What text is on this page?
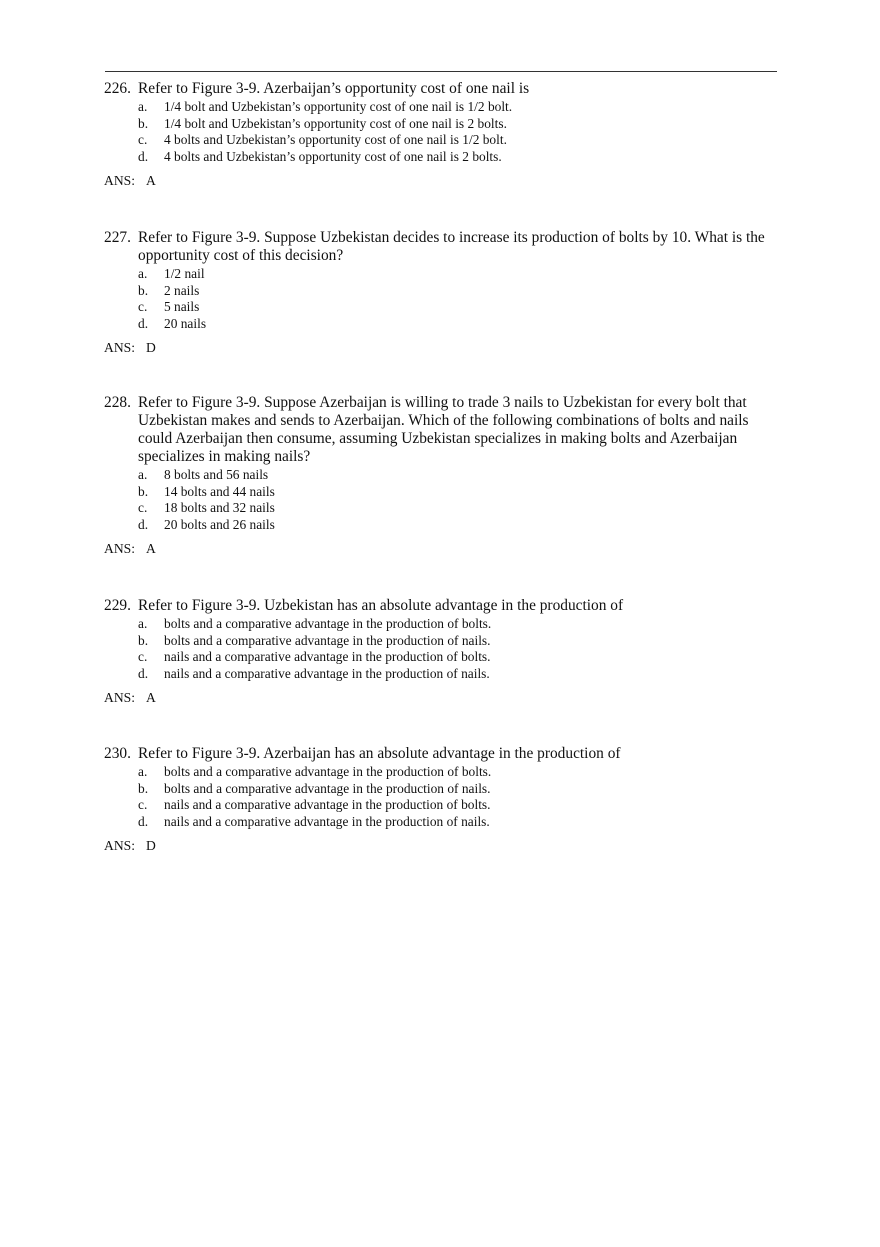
226. Refer to Figure 3-9. Azerbaijan’s opportunity cost of one nail is
a.	1/4 bolt and Uzbekistan’s opportunity cost of one nail is 1/2 bolt.
b.	1/4 bolt and Uzbekistan’s opportunity cost of one nail is 2 bolts.
c.	4 bolts and Uzbekistan’s opportunity cost of one nail is 1/2 bolt.
d.	4 bolts and Uzbekistan’s opportunity cost of one nail is 2 bolts.
ANS: A
227. Refer to Figure 3-9. Suppose Uzbekistan decides to increase its production of bolts by 10. What is the opportunity cost of this decision?
a.	1/2 nail
b.	2 nails
c.	5 nails
d.	20 nails
ANS: D
228. Refer to Figure 3-9. Suppose Azerbaijan is willing to trade 3 nails to Uzbekistan for every bolt that Uzbekistan makes and sends to Azerbaijan. Which of the following combinations of bolts and nails could Azerbaijan then consume, assuming Uzbekistan specializes in making bolts and Azerbaijan specializes in making nails?
a.	8 bolts and 56 nails
b.	14 bolts and 44 nails
c.	18 bolts and 32 nails
d.	20 bolts and 26 nails
ANS: A
229. Refer to Figure 3-9. Uzbekistan has an absolute advantage in the production of
a.	bolts and a comparative advantage in the production of bolts.
b.	bolts and a comparative advantage in the production of nails.
c.	nails and a comparative advantage in the production of bolts.
d.	nails and a comparative advantage in the production of nails.
ANS: A
230. Refer to Figure 3-9. Azerbaijan has an absolute advantage in the production of
a.	bolts and a comparative advantage in the production of bolts.
b.	bolts and a comparative advantage in the production of nails.
c.	nails and a comparative advantage in the production of bolts.
d.	nails and a comparative advantage in the production of nails.
ANS: D
